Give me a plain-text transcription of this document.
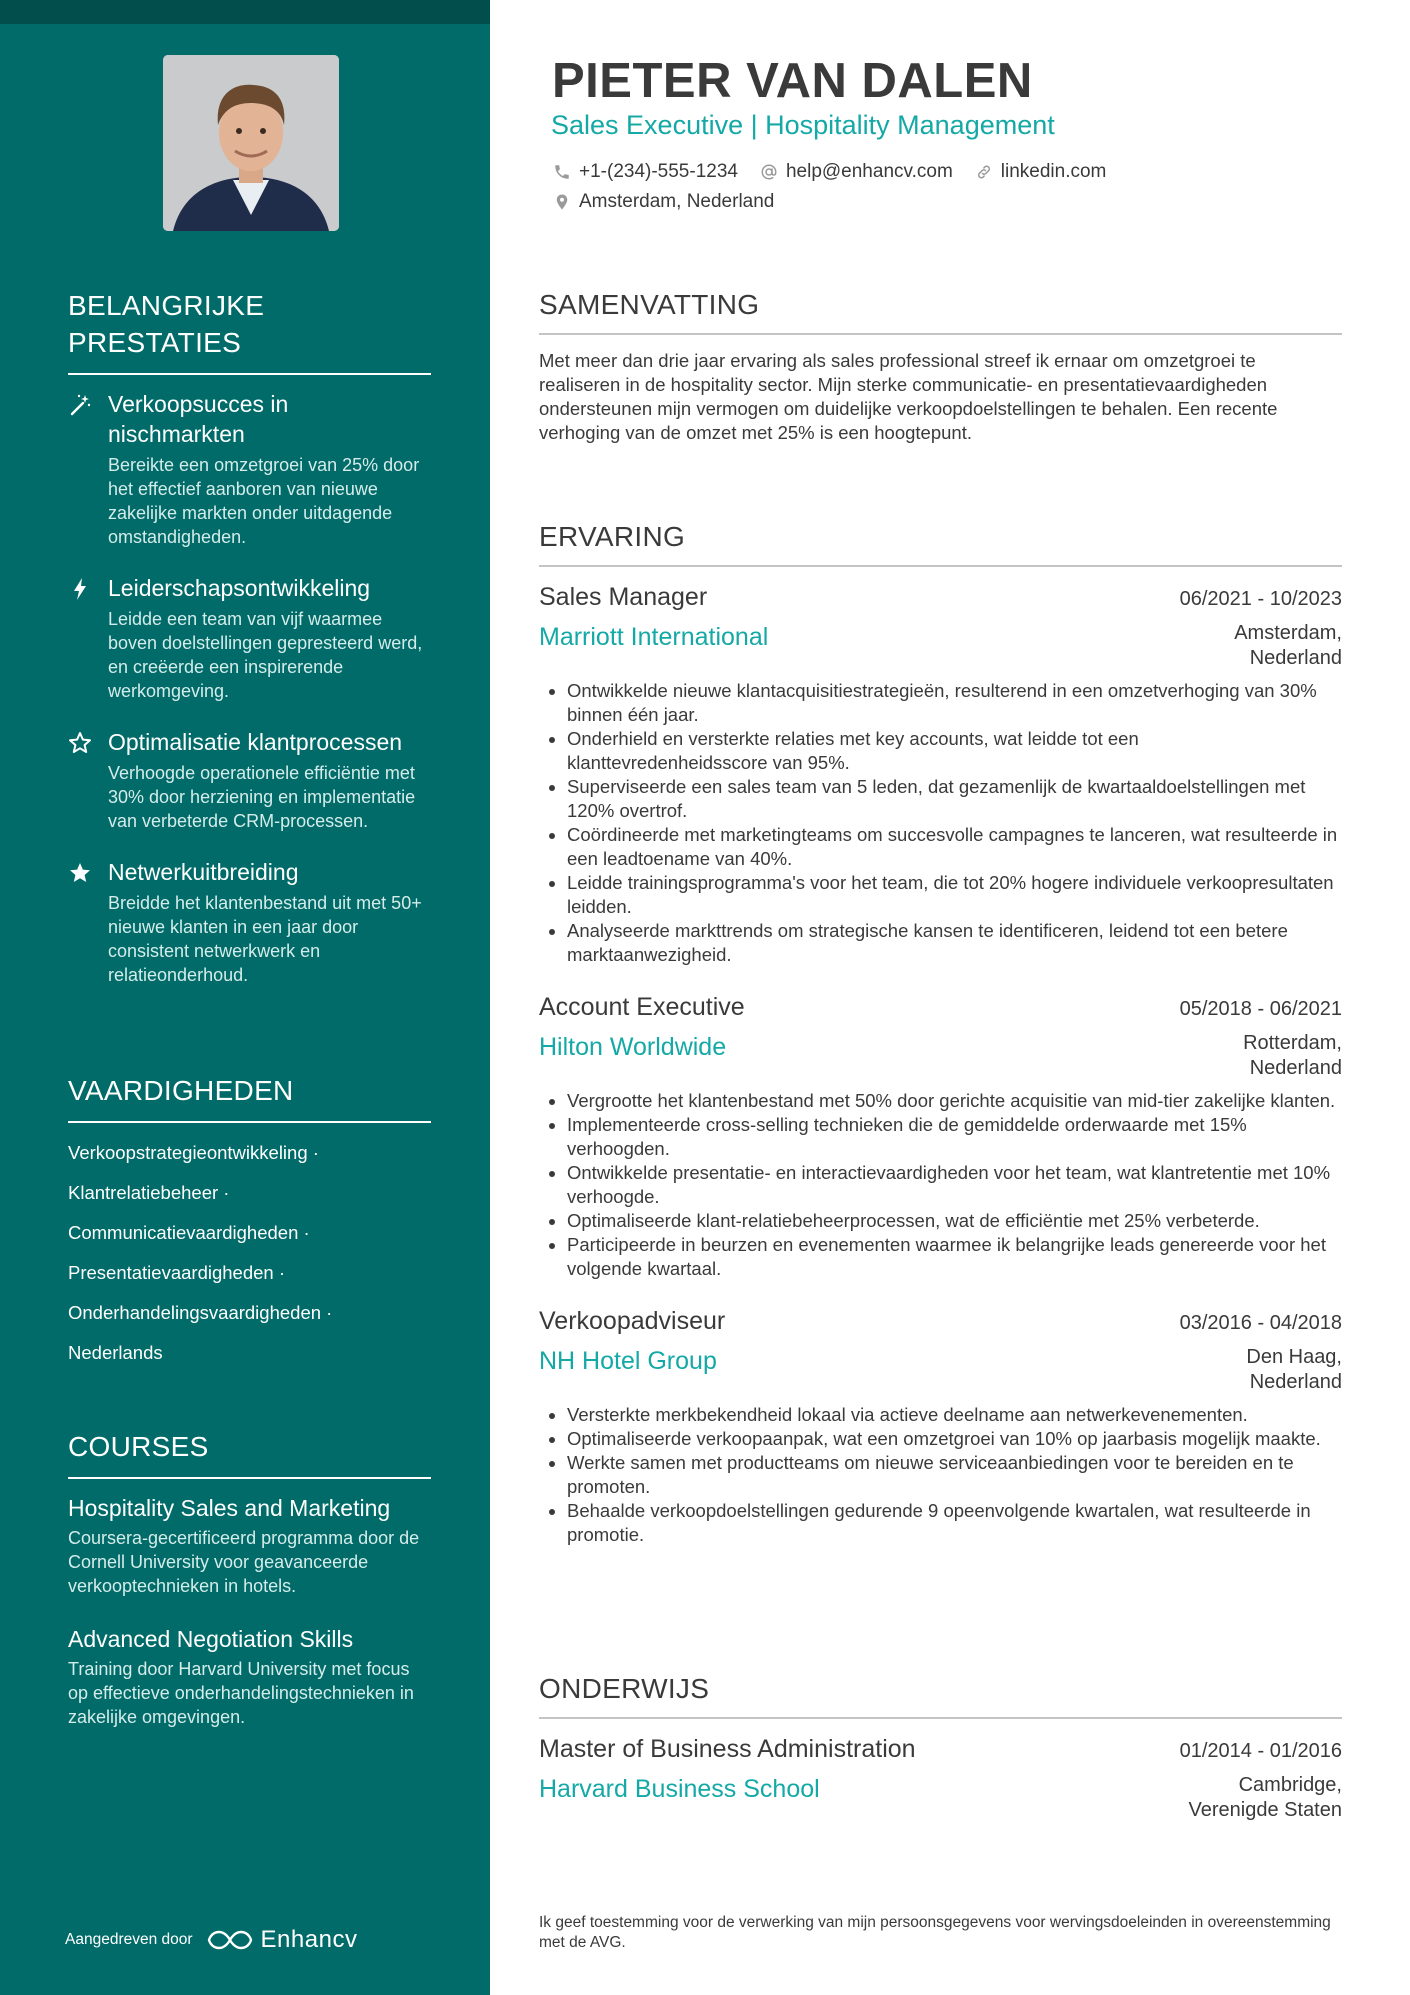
BELANGRIJKE PRESTATIES
Verkoopsucces in nischmarkten
Bereikte een omzetgroei van 25% door het effectief aanboren van nieuwe zakelijke markten onder uitdagende omstandigheden.
Leiderschapsontwikkeling
Leidde een team van vijf waarmee boven doelstellingen gepresteerd werd, en creëerde een inspirerende werkomgeving.
Optimalisatie klantprocessen
Verhoogde operationele efficiëntie met 30% door herziening en implementatie van verbeterde CRM-processen.
Netwerkuitbreiding
Breidde het klantenbestand uit met 50+ nieuwe klanten in een jaar door consistent netwerkwerk en relatieonderhoud.
VAARDIGHEDEN
Verkoopstrategieontwikkeling ·
Klantrelatiebeheer ·
Communicatievaardigheden ·
Presentatievaardigheden ·
Onderhandelingsvaardigheden ·
Nederlands
COURSES
Hospitality Sales and Marketing
Coursera-gecertificeerd programma door de Cornell University voor geavanceerde verkooptechnieken in hotels.
Advanced Negotiation Skills
Training door Harvard University met focus op effectieve onderhandelingstechnieken in zakelijke omgevingen.
Aangedreven door	Enhancv
PIETER VAN DALEN
Sales Executive | Hospitality Management
+1-(234)-555-1234	help@enhancv.com	linkedin.com
Amsterdam, Nederland
SAMENVATTING
Met meer dan drie jaar ervaring als sales professional streef ik ernaar om omzetgroei te realiseren in de hospitality sector. Mijn sterke communicatie- en presentatievaardigheden ondersteunen mijn vermogen om duidelijke verkoopdoelstellingen te behalen. Een recente verhoging van de omzet met 25% is een hoogtepunt.
ERVARING
Sales Manager	06/2021 - 10/2023
Marriott International	Amsterdam,
Nederland
Ontwikkelde nieuwe klantacquisitiestrategieën, resulterend in een omzetverhoging van 30% binnen één jaar.
Onderhield en versterkte relaties met key accounts, wat leidde tot een klanttevredenheidsscore van 95%.
Superviseerde een sales team van 5 leden, dat gezamenlijk de kwartaaldoelstellingen met 120% overtrof.
Coördineerde met marketingteams om succesvolle campagnes te lanceren, wat resulteerde in een leadtoename van 40%.
Leidde trainingsprogramma's voor het team, die tot 20% hogere individuele verkoopresultaten leidden.
Analyseerde markttrends om strategische kansen te identificeren, leidend tot een betere marktaanwezigheid.
Account Executive	05/2018 - 06/2021
Hilton Worldwide	Rotterdam,
Nederland
Vergrootte het klantenbestand met 50% door gerichte acquisitie van mid-tier zakelijke klanten.
Implementeerde cross-selling technieken die de gemiddelde orderwaarde met 15% verhoogden.
Ontwikkelde presentatie- en interactievaardigheden voor het team, wat klantretentie met 10% verhoogde.
Optimaliseerde klant-relatiebeheerprocessen, wat de efficiëntie met 25% verbeterde.
Participeerde in beurzen en evenementen waarmee ik belangrijke leads genereerde voor het volgende kwartaal.
Verkoopadviseur	03/2016 - 04/2018
NH Hotel Group	Den Haag,
Nederland
Versterkte merkbekendheid lokaal via actieve deelname aan netwerkevenementen.
Optimaliseerde verkoopaanpak, wat een omzetgroei van 10% op jaarbasis mogelijk maakte.
Werkte samen met productteams om nieuwe serviceaanbiedingen voor te bereiden en te promoten.
Behaalde verkoopdoelstellingen gedurende 9 opeenvolgende kwartalen, wat resulteerde in promotie.
ONDERWIJS
Master of Business Administration	01/2014 - 01/2016
Harvard Business School	Cambridge,
Verenigde Staten
Ik geef toestemming voor de verwerking van mijn persoonsgegevens voor wervingsdoeleinden in overeenstemming met de AVG.
